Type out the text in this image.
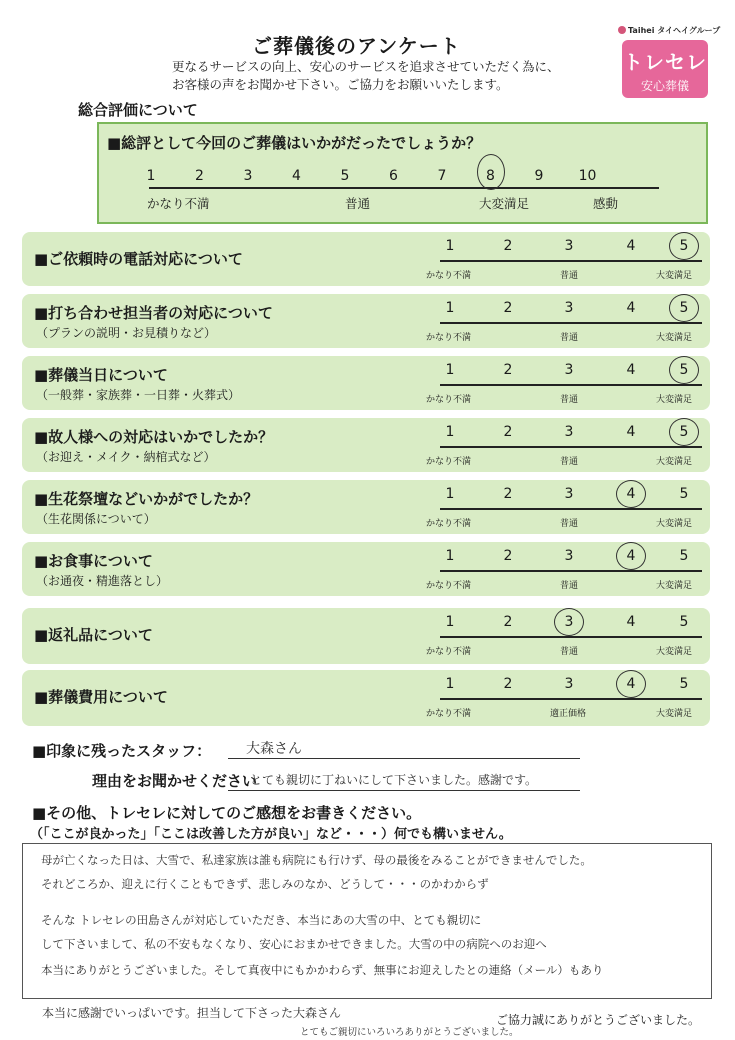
ご葬儀後のアンケート
更なるサービスの向上、安心のサービスを追求させていただく為に、
お客様の声をお聞かせ下さい。ご協力をお願いいたします。
Taihei タイヘイグループ
トレセレ
安心葬儀
総合評価について
■総評として今回のご葬儀はいかがだったでしょうか？
かなり不満	普通	大変満足	感動
1	2	3	4	5	6	7	8	9	10
■ご依頼時の電話対応について
1	2	3	4	5
かなり不満	普通	大変満足
■打ち合わせ担当者の対応について
（プランの説明・お見積りなど）
1	2	3	4	5
かなり不満	普通	大変満足
■葬儀当日について
（一般葬・家族葬・一日葬・火葬式）
1	2	3	4	5
かなり不満	普通	大変満足
■故人様への対応はいかでしたか？
（お迎え・メイク・納棺式など）
1	2	3	4	5
かなり不満	普通	大変満足
■生花祭壇などいかがでしたか？
（生花関係について）
1	2	3	4	5
かなり不満	普通	大変満足
■お食事について
（お通夜・精進落とし）
1	2	3	4	5
かなり不満	普通	大変満足
■返礼品について
1	2	3	4	5
かなり不満	普通	大変満足
■葬儀費用について
1	2	3	4	5
かなり不満	適正価格	大変満足
■印象に残ったスタッフ： 大森さん
理由をお聞かせください
とても親切に丁ねいにして下さいました。感謝です。
■その他、トレセレに対してのご感想をお書きください。
（「ここが良かった」「ここは改善した方が良い」など・・・）何でも構いません。
母が亡くなった日は、大雪で、私達家族は誰も病院にも行けず、母の最後をみることができませんでした。
それどころか、迎えに行くこともできず、悲しみのなか、どうして・・・のかわからず
そんな トレセレの田島さんが対応していただき、本当にあの大雪の中、とても親切に
して下さいまして、私の不安もなくなり、安心におまかせできました。大雪の中の病院へのお迎へ
本当にありがとうございました。そして真夜中にもかかわらず、無事にお迎えしたとの連絡（メール）もあり
本当に感謝でいっぱいです。担当して下さった大森さん
とてもご親切にいろいろありがとうございました。
ご協力誠にありがとうございました。
